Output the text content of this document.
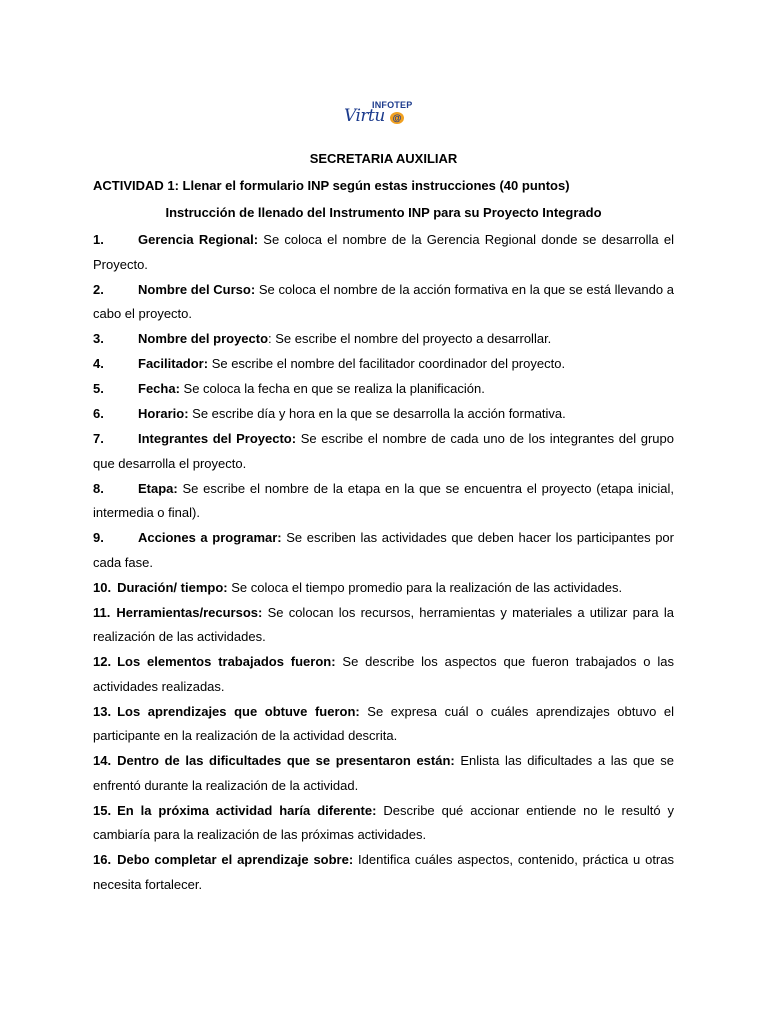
INFOTEP
Virtu @

SECRETARIA AUXILIAR

ACTIVIDAD 1: Llenar el formulario INP según estas instrucciones (40 puntos)

Instrucción de llenado del Instrumento INP para su Proyecto Integrado

1.	Gerencia Regional: Se coloca el nombre de la Gerencia Regional donde se desarrolla el Proyecto.

2.	Nombre del Curso: Se coloca el nombre de la acción formativa en la que se está llevando a cabo el proyecto.

3.	Nombre del proyecto: Se escribe el nombre del proyecto a desarrollar.

4.	Facilitador: Se escribe el nombre del facilitador coordinador del proyecto.

5.	Fecha: Se coloca la fecha en que se realiza la planificación.

6.	Horario: Se escribe día y hora en la que se desarrolla la acción formativa.

7.	Integrantes del Proyecto: Se escribe el nombre de cada uno de los integrantes del grupo que desarrolla el proyecto.

8.	Etapa: Se escribe el nombre de la etapa en la que se encuentra el proyecto (etapa inicial, intermedia o final).

9.	Acciones a programar: Se escriben las actividades que deben hacer los participantes por cada fase.

10. Duración/ tiempo: Se coloca el tiempo promedio para la realización de las actividades.

11. Herramientas/recursos: Se colocan los recursos, herramientas y materiales a utilizar para la realización de las actividades.

12. Los elementos trabajados fueron: Se describe los aspectos que fueron trabajados o las actividades realizadas.

13. Los aprendizajes que obtuve fueron: Se expresa cuál o cuáles aprendizajes obtuvo el participante en la realización de la actividad descrita.

14. Dentro de las dificultades que se presentaron están: Enlista las dificultades a las que se enfrentó durante la realización de la actividad.

15. En la próxima actividad haría diferente: Describe qué accionar entiende no le resultó y cambiaría para la realización de las próximas actividades.

16. Debo completar el aprendizaje sobre: Identifica cuáles aspectos, contenido, práctica u otras necesita fortalecer.
